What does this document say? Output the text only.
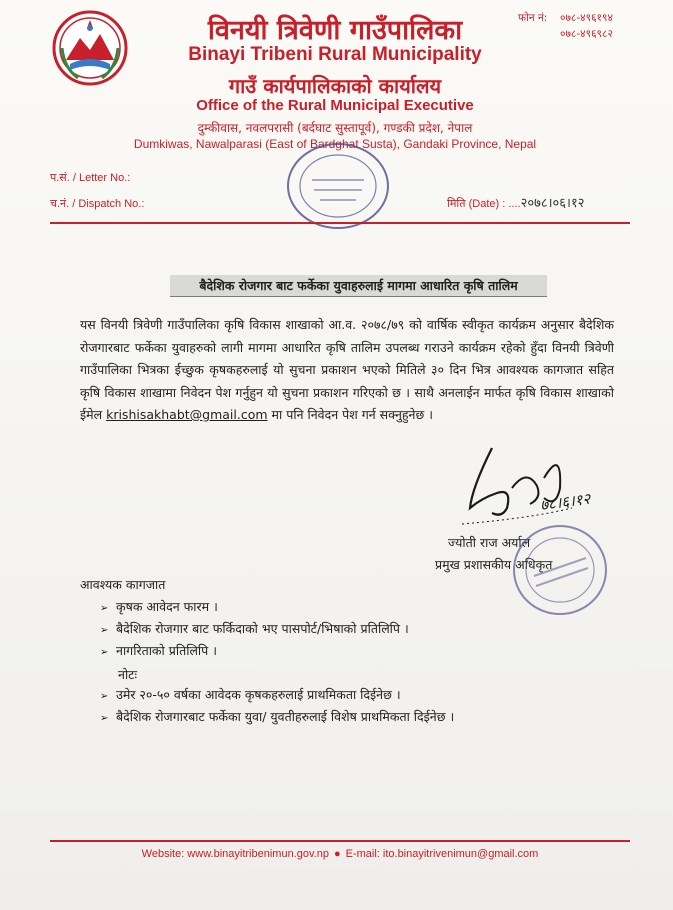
विनयी त्रिवेणी गाउँपालिका
Binayi Tribeni Rural Municipality
गाउँ कार्यपालिकाको कार्यालय
Office of the Rural Municipal Executive
दुम्कीवास, नवलपरासी (बर्दघाट सुस्तापूर्व), गण्डकी प्रदेश, नेपाल
Dumkiwas, Nawalparasi (East of Bardghat Susta), Gandaki Province, Nepal
फोन नं: ०७८-४९६१९४
०७८-४९६९८२
प.सं. / Letter No.:
च.नं. / Dispatch No.:	मिति (Date) : ....२०७८।०६।१२
बैदेशिक रोजगार बाट फर्केका युवाहरुलाई मागमा आधारित कृषि तालिम
यस विनयी त्रिवेणी गाउँपालिका कृषि विकास शाखाको आ.व. २०७८/७९ को वार्षिक स्वीकृत कार्यक्रम अनुसार बैदेशिक रोजगारबाट फर्केका युवाहरुको लागी मागमा आधारित कृषि तालिम उपलब्ध गराउने कार्यक्रम रहेको हुँदा विनयी त्रिवेणी गाउँपालिका भित्रका ईच्छुक कृषकहरुलाई यो सुचना प्रकाशन भएको मितिले ३० दिन भित्र आवश्यक कागजात सहित कृषि विकास शाखामा निवेदन पेश गर्नुहुन यो सुचना प्रकाशन गरिएको छ । साथै अनलाईन मार्फत कृषि विकास शाखाको ईमेल krishisakhabt@gmail.com मा पनि निवेदन पेश गर्न सक्नुहुनेछ ।
७८।६।१२
ज्योती राज अर्याल
प्रमुख प्रशासकीय अधिकृत
आवश्यक कागजात
➢ कृषक आवेदन फारम ।
➢ बैदेशिक रोजगार बाट फर्किदाको भए पासपोर्ट/भिषाको प्रतिलिपि ।
➢ नागरिताको प्रतिलिपि ।
नोटः
➢ उमेर २०-५० वर्षका आवेदक कृषकहरुलाई प्राथमिकता दिईनेछ ।
➢ बैदेशिक रोजगारबाट फर्केका युवा/ युवतीहरुलाई विशेष प्राथमिकता दिईनेछ ।
Website: www.binayitribenimun.gov.np ● E-mail: ito.binayitrivenimun@gmail.com
